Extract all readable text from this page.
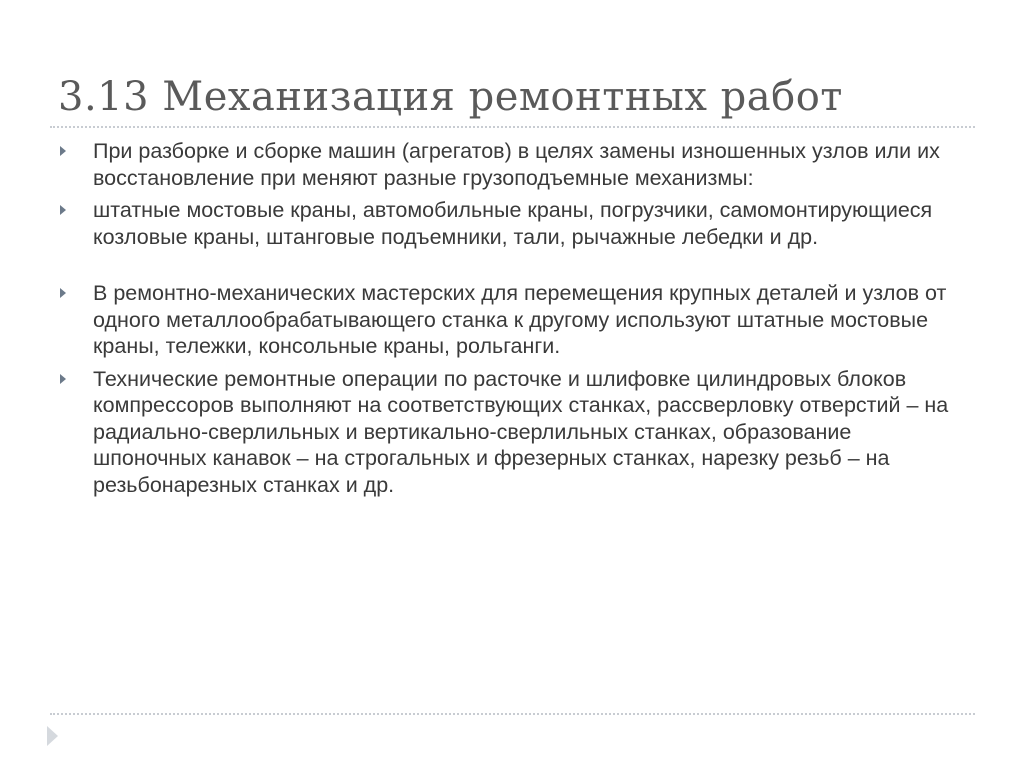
3.13 Механизация ремонтных работ
При разборке и сборке машин (агрегатов) в целях замены изношенных узлов или их восстановление при меняют разные грузоподъемные механизмы:
штатные мостовые краны, автомобильные краны, погрузчики, самомонтирующиеся козловые краны, штанговые подъемники, тали, рычажные лебедки и др.
В ремонтно-механических мастерских для перемещения крупных деталей и узлов от одного металлообрабатывающего станка к другому используют штатные мостовые краны, тележки, консольные краны, рольганги.
Технические ремонтные операции по расточке и шлифовке цилиндровых блоков компрессоров выполняют на соответствующих станках, рассверловку отверстий – на радиально-сверлильных и вертикально-сверлильных станках, образование шпоночных канавок – на строгальных и фрезерных станках, нарезку резьб – на резьбонарезных станках и др.
